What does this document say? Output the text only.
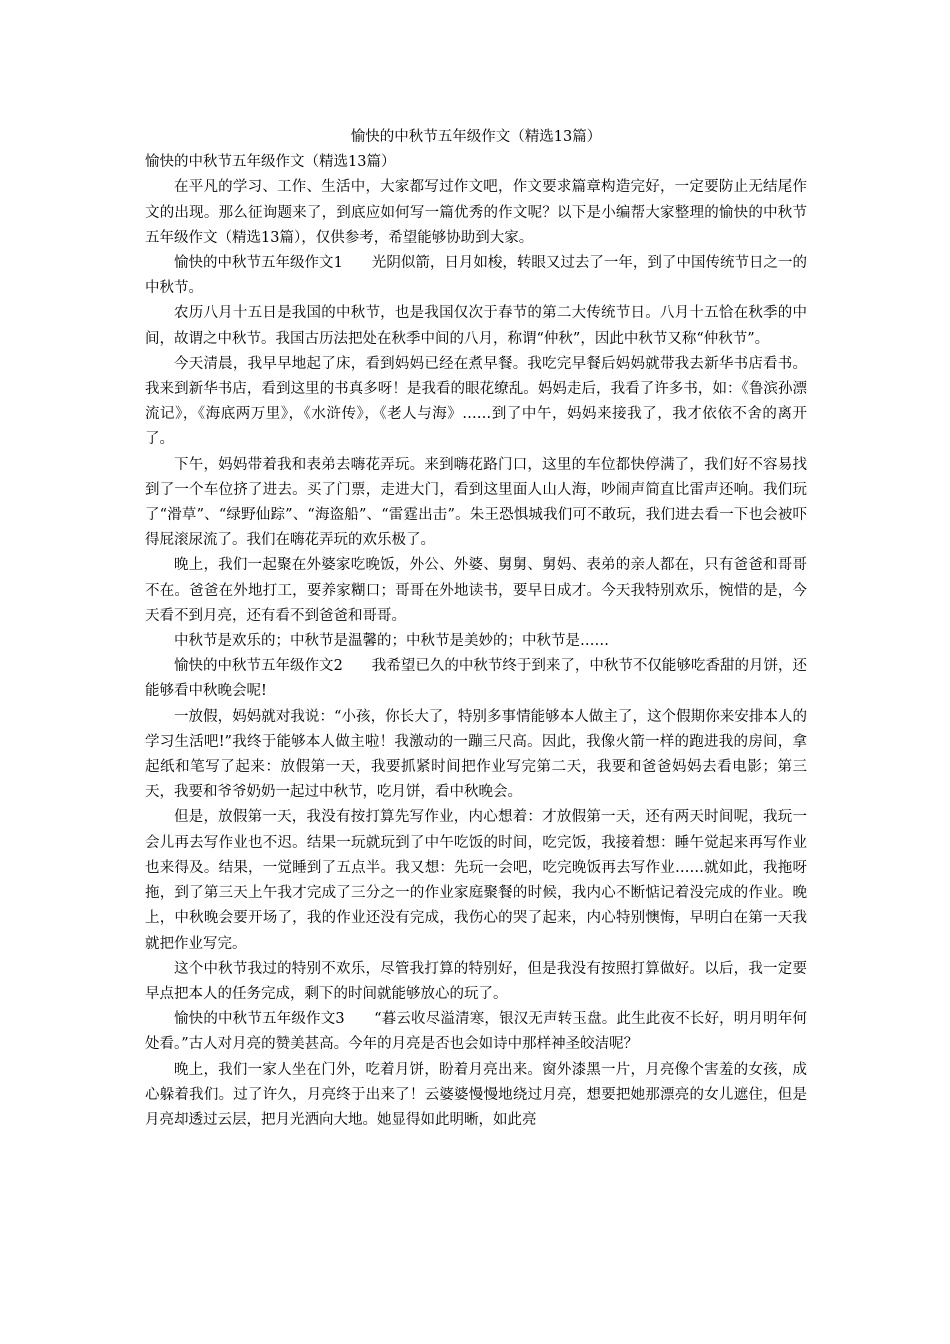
愉快的中秋节五年级作文（精选13篇）

愉快的中秋节五年级作文（精选13篇）

在平凡的学习、工作、生活中，大家都写过作文吧，作文要求篇章构造完好，一定要防止无结尾作文的出现。那么征询题来了，到底应如何写一篇优秀的作文呢？以下是小编帮大家整理的愉快的中秋节五年级作文（精选13篇），仅供参考，希望能够协助到大家。

愉快的中秋节五年级作文1　　光阴似箭，日月如梭，转眼又过去了一年，到了中国传统节日之一的中秋节。

农历八月十五日是我国的中秋节，也是我国仅次于春节的第二大传统节日。八月十五恰在秋季的中间，故谓之中秋节。我国古历法把处在秋季中间的八月，称谓“仲秋”，因此中秋节又称“仲秋节”。

今天清晨，我早早地起了床，看到妈妈已经在煮早餐。我吃完早餐后妈妈就带我去新华书店看书。我来到新华书店，看到这里的书真多呀！是我看的眼花缭乱。妈妈走后，我看了许多书，如：《鲁滨孙漂流记》，《海底两万里》，《水浒传》，《老人与海》……到了中午，妈妈来接我了，我才依依不舍的离开了。

下午，妈妈带着我和表弟去嗨花弄玩。来到嗨花路门口，这里的车位都快停满了，我们好不容易找到了一个车位挤了进去。买了门票，走进大门，看到这里面人山人海，吵闹声简直比雷声还响。我们玩了“滑草”、“绿野仙踪”、“海盗船”、“雷霆出击”。朱王恐惧城我们可不敢玩，我们进去看一下也会被吓得屁滚尿流了。我们在嗨花弄玩的欢乐极了。

晚上，我们一起聚在外婆家吃晚饭，外公、外婆、舅舅、舅妈、表弟的亲人都在，只有爸爸和哥哥不在。爸爸在外地打工，要养家糊口；哥哥在外地读书，要早日成才。今天我特别欢乐，惋惜的是，今天看不到月亮，还有看不到爸爸和哥哥。

中秋节是欢乐的；中秋节是温馨的；中秋节是美妙的；中秋节是……

愉快的中秋节五年级作文2　　我希望已久的中秋节终于到来了，中秋节不仅能够吃香甜的月饼，还能够看中秋晚会呢!

一放假，妈妈就对我说：“小孩，你长大了，特别多事情能够本人做主了，这个假期你来安排本人的学习生活吧!”我终于能够本人做主啦！我激动的一蹦三尺高。因此，我像火箭一样的跑进我的房间，拿起纸和笔写了起来：放假第一天，我要抓紧时间把作业写完第二天，我要和爸爸妈妈去看电影；第三天，我要和爷爷奶奶一起过中秋节，吃月饼，看中秋晚会。

但是，放假第一天，我没有按打算先写作业，内心想着：才放假第一天，还有两天时间呢，我玩一会儿再去写作业也不迟。结果一玩就玩到了中午吃饭的时间，吃完饭，我接着想：睡午觉起来再写作业也来得及。结果，一觉睡到了五点半。我又想：先玩一会吧，吃完晚饭再去写作业……就如此，我拖呀拖，到了第三天上午我才完成了三分之一的作业家庭聚餐的时候，我内心不断惦记着没完成的作业。晚上，中秋晚会要开场了，我的作业还没有完成，我伤心的哭了起来，内心特别懊悔，早明白在第一天我就把作业写完。

这个中秋节我过的特别不欢乐，尽管我打算的特别好，但是我没有按照打算做好。以后，我一定要早点把本人的任务完成，剩下的时间就能够放心的玩了。

愉快的中秋节五年级作文3　　“暮云收尽溢清寒，银汉无声转玉盘。此生此夜不长好，明月明年何处看。”古人对月亮的赞美甚高。今年的月亮是否也会如诗中那样神圣皎洁呢？

晚上，我们一家人坐在门外，吃着月饼，盼着月亮出来。窗外漆黑一片，月亮像个害羞的女孩，成心躲着我们。过了许久，月亮终于出来了！云婆婆慢慢地绕过月亮，想要把她那漂亮的女儿遮住，但是月亮却透过云层，把月光洒向大地。她显得如此明晰，如此亮
